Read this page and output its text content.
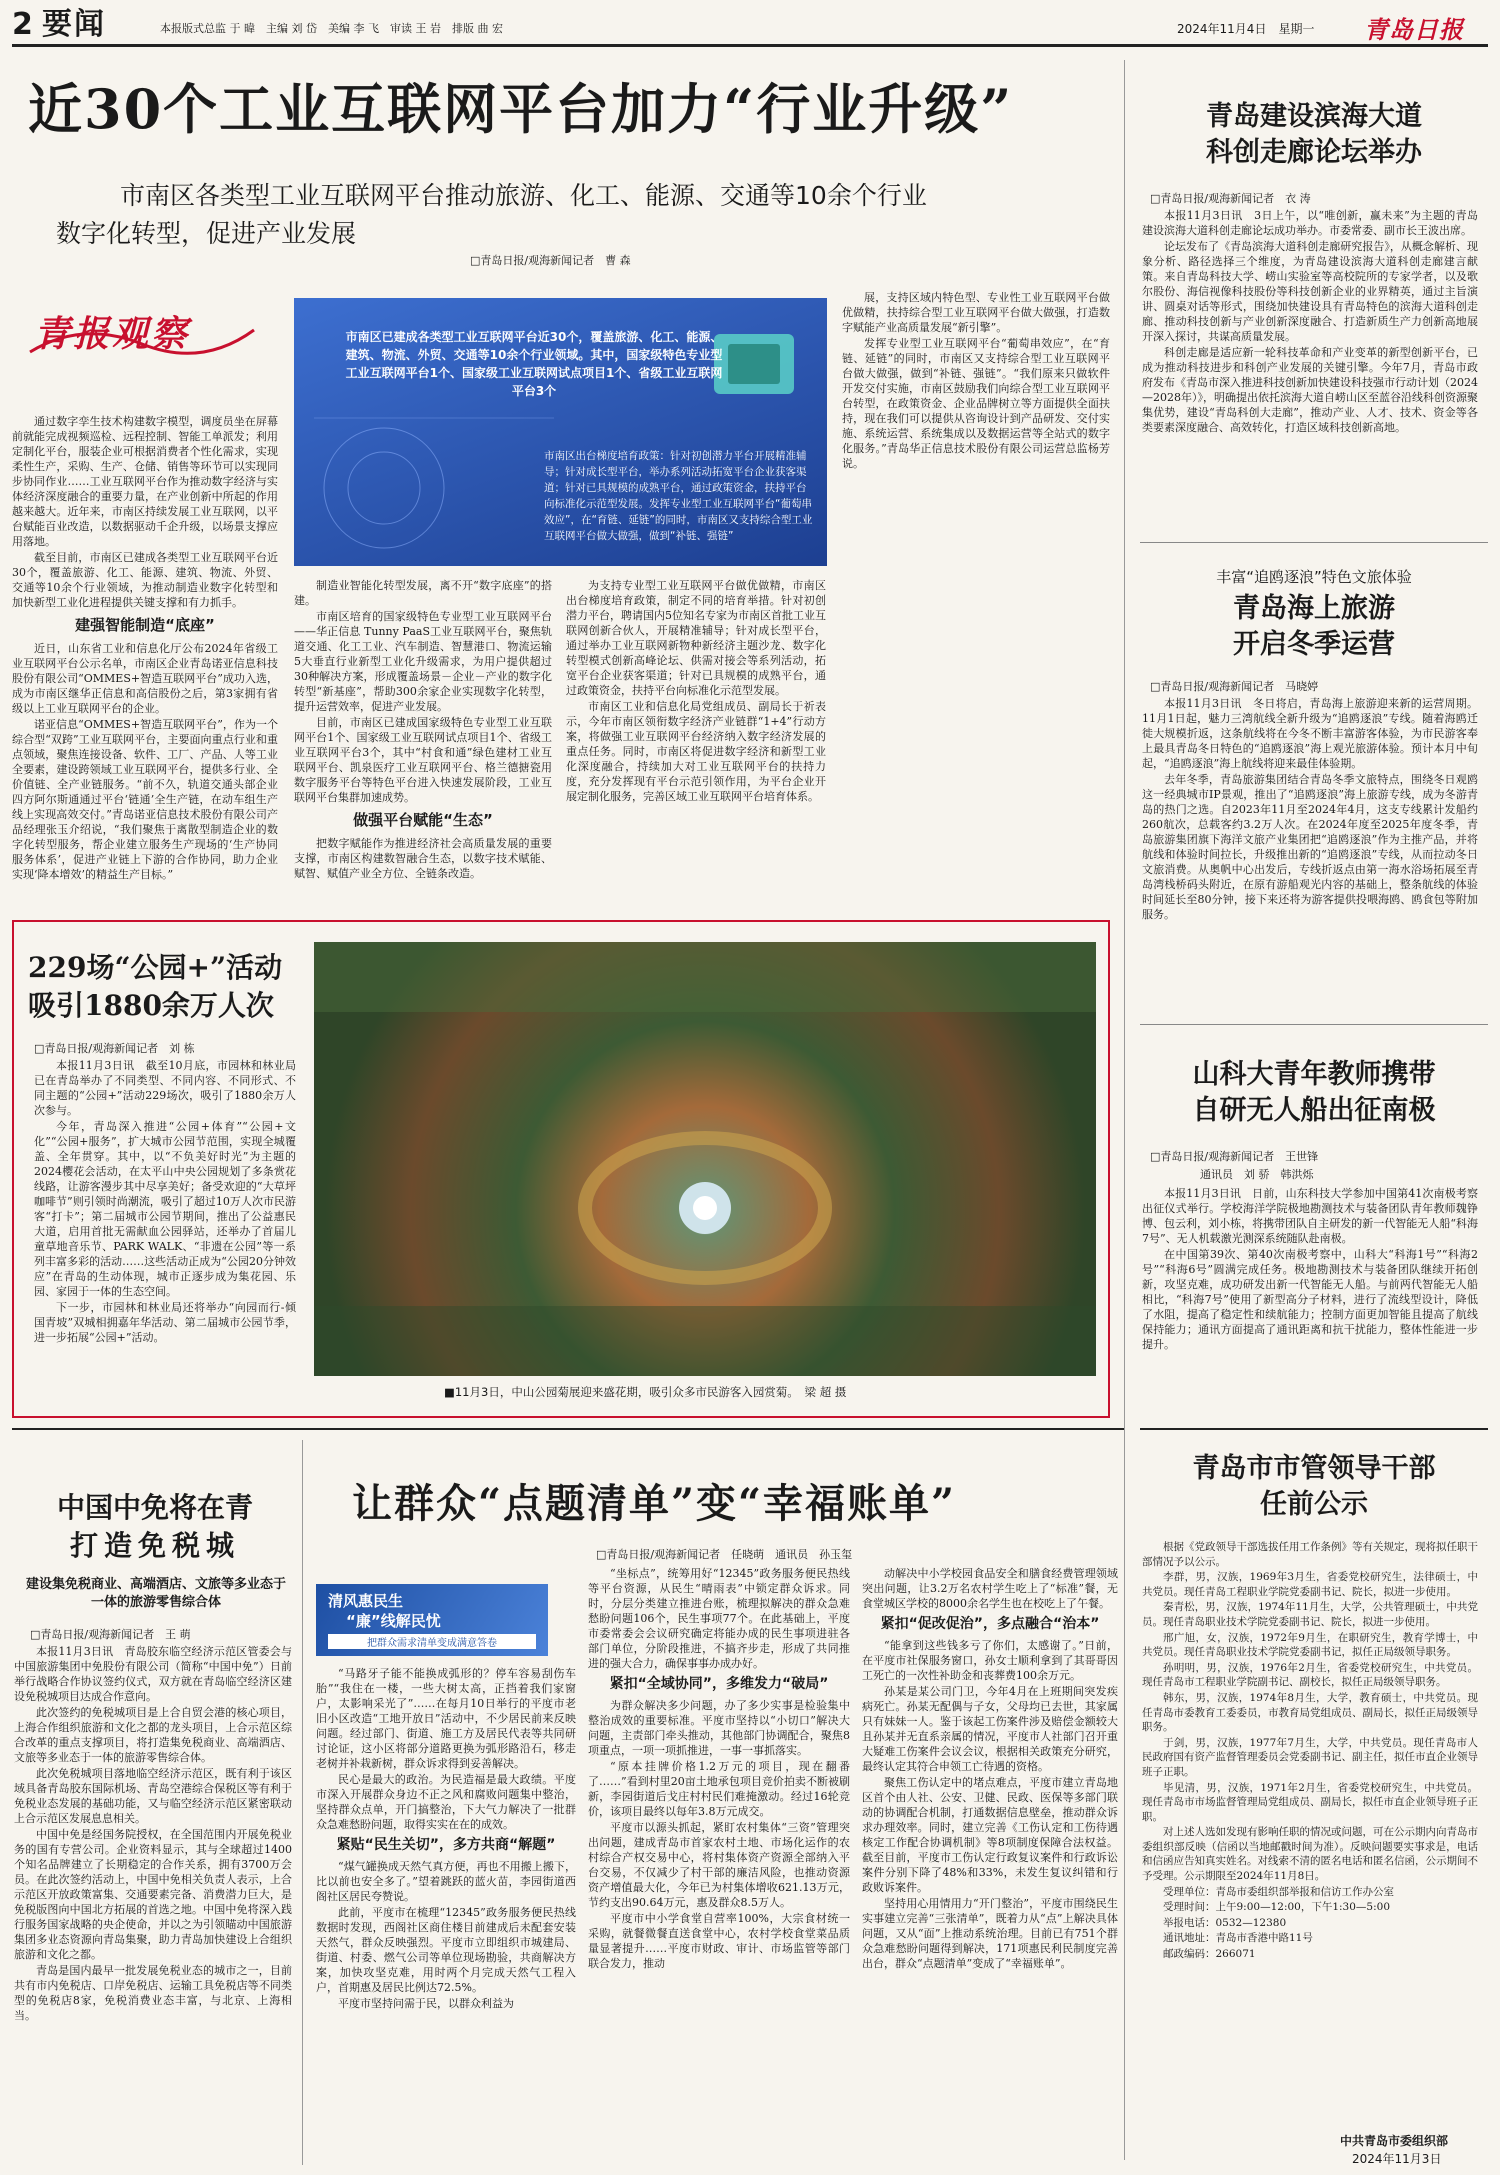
2 要闻	本报版式总监 于 暐　主编 刘 岱　美编 李 飞　审读 王 岩　排版 曲 宏	2024年11月4日　星期一 青岛日报
近30个工业互联网平台加力“行业升级”
市南区各类型工业互联网平台推动旅游、化工、能源、交通等10余个行业
数字化转型，促进产业发展
□青岛日报/观海新闻记者　曹 森
青报观察	市南区已建成各类型工业互联网平台近30个，覆盖旅游、化工、能源、建筑、物流、外贸、交通等10余个行业领域。其中，国家级特色专业型工业互联网平台1个、国家级工业互联网试点项目1个、省级工业互联网平台3个
市南区出台梯度培育政策：针对初创潜力平台开展精准辅导；针对成长型平台，举办系列活动拓宽平台企业获客渠道；针对已具规模的成熟平台，通过政策资金，扶持平台向标准化示范型发展。发挥专业型工业互联网平台“葡萄串效应”，在“育链、延链”的同时，市南区又支持综合型工业互联网平台做大做强，做到“补链、强链”

通过数字孪生技术构建数字模型，调度员坐在屏幕前就能完成视频巡检、远程控制、智能工单派发；利用定制化平台，服装企业可根据消费者个性化需求，实现柔性生产，采购、生产、仓储、销售等环节可以实现同步协同作业……工业互联网平台作为推动数字经济与实体经济深度融合的重要力量，在产业创新中所起的作用越来越大。近年来，市南区持续发展工业互联网，以平台赋能百业改造，以数据驱动千企升级，以场景支撑应用落地。

截至目前，市南区已建成各类型工业互联网平台近30个，覆盖旅游、化工、能源、建筑、物流、外贸、交通等10余个行业领域，为推动制造业数字化转型和加快新型工业化进程提供关键支撑和有力抓手。

建强智能制造“底座”

近日，山东省工业和信息化厅公布2024年省级工业互联网平台公示名单，市南区企业青岛诺亚信息科技股份有限公司“OMMES+智造互联网平台”成功入选，成为市南区继华正信息和高信股份之后，第3家拥有省级以上工业互联网平台的企业。

诺亚信息“OMMES+智造互联网平台”，作为一个综合型“双跨”工业互联网平台，主要面向重点行业和重点领域，聚焦连接设备、软件、工厂、产品、人等工业全要素，建设跨领域工业互联网平台，提供多行业、全价值链、全产业链服务。“前不久，轨道交通头部企业四方阿尔斯通通过平台‘链通’全生产链，在动车组生产线上实现高效交付。”青岛诺亚信息技术股份有限公司产品经理张玉介绍说，“我们聚焦于离散型制造企业的数字化转型服务，帮企业建立服务生产现场的‘生产协同服务体系’，促进产业链上下游的合作协同，助力企业实现‘降本增效’的精益生产目标。”

制造业智能化转型发展，离不开“数字底座”的搭建。

市南区培育的国家级特色专业型工业互联网平台——华正信息 Tunny PaaS工业互联网平台，聚焦轨道交通、化工工业、汽车制造、智慧港口、物流运输5大垂直行业新型工业化升级需求，为用户提供超过30种解决方案，形成覆盖场景－企业－产业的数字化转型“新基座”，帮助300余家企业实现数字化转型，提升运营效率，促进产业发展。

目前，市南区已建成国家级特色专业型工业互联网平台1个、国家级工业互联网试点项目1个、省级工业互联网平台3个，其中“村食和通”绿色建材工业互联网平台、凯泉医疗工业互联网平台、格兰德搪瓷用数字服务平台等特色平台进入快速发展阶段，工业互联网平台集群加速成势。

做强平台赋能“生态”

把数字赋能作为推进经济社会高质量发展的重要支撑，市南区构建数智融合生态，以数字技术赋能、赋智、赋值产业全方位、全链条改造。

为支持专业型工业互联网平台做优做精，市南区出台梯度培育政策，制定不同的培育举措。针对初创潜力平台，聘请国内5位知名专家为市南区首批工业互联网创新合伙人，开展精准辅导；针对成长型平台，通过举办工业互联网新物种新经济主题沙龙、数字化转型模式创新高峰论坛、供需对接会等系列活动，拓宽平台企业获客渠道；针对已具规模的成熟平台，通过政策资金，扶持平台向标准化示范型发展。

市南区工业和信息化局党组成员、副局长于祈表示，今年市南区领衔数字经济产业链群“1+4”行动方案，将做强工业互联网平台经济纳入数字经济发展的重点任务。同时，市南区将促进数字经济和新型工业化深度融合，持续加大对工业互联网平台的扶持力度，充分发挥现有平台示范引领作用，为平台企业开展定制化服务，完善区域工业互联网平台培育体系。

展，支持区域内特色型、专业性工业互联网平台做优做精，扶持综合型工业互联网平台做大做强，打造数字赋能产业高质量发展“新引擎”。

发挥专业型工业互联网平台“葡萄串效应”，在“育链、延链”的同时，市南区又支持综合型工业互联网平台做大做强，做到“补链、强链”。“我们原来只做软件开发交付实施，市南区鼓励我们向综合型工业互联网平台转型，在政策资金、企业品牌树立等方面提供全面扶持，现在我们可以提供从咨询设计到产品研发、交付实施、系统运营、系统集成以及数据运营等全站式的数字化服务。”青岛华正信息技术股份有限公司运营总监杨芳说。

青岛建设滨海大道
科创走廊论坛举办
□青岛日报/观海新闻记者　衣 涛

本报11月3日讯　3日上午，以“唯创新，赢未来”为主题的青岛建设滨海大道科创走廊论坛成功举办。市委常委、副市长王波出席。

论坛发布了《青岛滨海大道科创走廊研究报告》，从概念解析、现象分析、路径选择三个维度，为青岛建设滨海大道科创走廊建言献策。来自青岛科技大学、崂山实验室等高校院所的专家学者，以及歌尔股份、海信视像科技股份等科技创新企业的业界精英，通过主旨演讲、圆桌对话等形式，围绕加快建设具有青岛特色的滨海大道科创走廊、推动科技创新与产业创新深度融合、打造新质生产力创新高地展开深入探讨，共谋高质量发展。

科创走廊是适应新一轮科技革命和产业变革的新型创新平台，已成为推动科技进步和科创产业发展的关键引擎。今年7月，青岛市政府发布《青岛市深入推进科技创新加快建设科技强市行动计划（2024—2028年）》，明确提出依托滨海大道自崂山区至蓝谷沿线科创资源聚集优势，建设“青岛科创大走廊”，推动产业、人才、技术、资金等各类要素深度融合、高效转化，打造区域科技创新高地。

丰富“追鸥逐浪”特色文旅体验
青岛海上旅游
开启冬季运营
□青岛日报/观海新闻记者　马晓婷

本报11月3日讯　冬日将启，青岛海上旅游迎来新的运营周期。11月1日起，魅力三湾航线全新升级为“追鸥逐浪”专线。随着海鸥迁徙大规模折返，这条航线将在今冬不断丰富游客体验，为市民游客奉上最具青岛冬日特色的“追鸥逐浪”海上观光旅游体验。预计本月中旬起，“追鸥逐浪”海上航线将迎来最佳体验期。

去年冬季，青岛旅游集团结合青岛冬季文旅特点，围绕冬日观鸥这一经典城市IP景观，推出了“追鸥逐浪”海上旅游专线，成为冬游青岛的热门之选。自2023年11月至2024年4月，这支专线累计发船约260航次，总载客约3.2万人次。在2024年度至2025年度冬季，青岛旅游集团旗下海洋文旅产业集团把“追鸥逐浪”作为主推产品，并将航线和体验时间拉长，升级推出新的“追鸥逐浪”专线，从而拉动冬日文旅消费。从奥帆中心出发后，专线折返点由第一海水浴场拓展至青岛湾栈桥码头附近，在原有游船观光内容的基础上，整条航线的体验时间延长至80分钟，接下来还将为游客提供投喂海鸥、鸥食包等附加服务。

山科大青年教师携带
自研无人船出征南极
□青岛日报/观海新闻记者　王世锋
通讯员　刘 骄　韩洪烁

本报11月3日讯　日前，山东科技大学参加中国第41次南极考察出征仪式举行。学校海洋学院极地勘测技术与装备团队青年教师魏铮博、包云利，刘小栋，将携带团队自主研发的新一代智能无人船“科海7号”、无人机载激光测深系统随队赴南极。

在中国第39次、第40次南极考察中，山科大“科海1号”“科海2号”“科海6号”圆满完成任务。极地勘测技术与装备团队继续开拓创新，攻坚克难，成功研发出新一代智能无人船。与前两代智能无人船相比，“科海7号”使用了新型高分子材料，进行了流线型设计，降低了水阻，提高了稳定性和续航能力；控制方面更加智能且提高了航线保持能力；通讯方面提高了通讯距离和抗干扰能力，整体性能进一步提升。

229场“公园+”活动
吸引1880余万人次
□青岛日报/观海新闻记者　刘 栋

本报11月3日讯　截至10月底，市园林和林业局已在青岛举办了不同类型、不同内容、不同形式、不同主题的“公园+”活动229场次，吸引了1880余万人次参与。

今年，青岛深入推进“公园+体育”“公园+文化”“公园+服务”，扩大城市公园节范围，实现全城覆盖、全年贯穿。其中，以“不负美好时光”为主题的2024樱花会活动，在太平山中央公园规划了多条赏花线路，让游客漫步其中尽享美好；备受欢迎的“大草坪咖啡节”则引领时尚潮流，吸引了超过10万人次市民游客“打卡”；第二届城市公园节期间，推出了公益惠民大道，启用首批无需献血公园驿站，还举办了首届儿童草地音乐节、PARK WALK、“非遗在公园”等一系列丰富多彩的活动……这些活动正成为“公园20分钟效应”在青岛的生动体现，城市正逐步成为集花园、乐园、家园于一体的生态空间。

下一步，市园林和林业局还将举办“向园而行-倾国青坡”双城相拥嘉年华活动、第二届城市公园节季，进一步拓展“公园+”活动。

■11月3日，中山公园菊展迎来盛花期，吸引众多市民游客入园赏菊。　梁 超 摄
中国中免将在青
打造免税城
建设集免税商业、高端酒店、文旅等多业态于一体的旅游零售综合体
□青岛日报/观海新闻记者　王 萌

本报11月3日讯　青岛胶东临空经济示范区管委会与中国旅游集团中免股份有限公司（简称“中国中免”）日前举行战略合作协议签约仪式，双方就在青岛临空经济区建设免税城项目达成合作意向。

此次签约的免税城项目是上合自贸会港的核心项目，上海合作组织旅游和文化之都的龙头项目，上合示范区综合改革的重点支撑项目，将打造集免税商业、高端酒店、文旅等多业态于一体的旅游零售综合体。

此次免税城项目落地临空经济示范区，既有利于该区域具备青岛胶东国际机场、青岛空港综合保税区等有利于免税业态发展的基础功能，又与临空经济示范区紧密联动上合示范区发展息息相关。

中国中免是经国务院授权，在全国范围内开展免税业务的国有专营公司。企业资料显示，其与全球超过1400个知名品牌建立了长期稳定的合作关系，拥有3700万会员。在此次签约活动上，中国中免相关负责人表示，上合示范区开放政策富集、交通要素完备、消费潜力巨大，是免税版图向中国北方拓展的首选之地。中国中免将深入践行服务国家战略的央企使命，并以之为引领瞄动中国旅游集团多业态资源向青岛集聚，助力青岛加快建设上合组织旅游和文化之都。

青岛是国内最早一批发展免税业态的城市之一，目前共有市内免税店、口岸免税店、运输工具免税店等不同类型的免税店8家，免税消费业态丰富，与北京、上海相当。

让群众“点题清单”变“幸福账单”
□青岛日报/观海新闻记者　任晓萌　通讯员　孙玉玺
清风惠民生
“廉”线解民忧
把群众需求清单变成满意答卷

“马路牙子能不能换成弧形的？停车容易刮伤车胎”“我住在一楼，一些大树太高，正挡着我们家窗户，太影响采光了”……在每月10日举行的平度市老旧小区改造“工地开放日”活动中，不少居民前来反映问题。经过部门、街道、施工方及居民代表等共同研讨论证，这小区将部分道路更换为弧形路沿石，移走老树并补栽新树，群众诉求得到妥善解决。

民心是最大的政治。为民造福是最大政绩。平度市深入开展群众身边不正之风和腐败问题集中整治，坚持群众点单，开门搞整治，下大气力解决了一批群众急难愁盼问题，取得实实在在的成效。

紧贴“民生关切”，多方共商“解题”

“煤气罐换成天然气真方便，再也不用搬上搬下，比以前也安全多了。”望着跳跃的蓝火苗，李园街道西阁社区居民夸赞说。

此前，平度市在梳理“12345”政务服务便民热线数据时发现，西阁社区商住楼目前建成后未配套安装天然气，群众反映强烈。平度市立即组织市城建局、街道、村委、燃气公司等单位现场勘验，共商解决方案，加快攻坚克难，用时两个月完成天然气工程入户，首期惠及居民比例达72.5%。

平度市坚持问需于民，以群众利益为

“坐标点”，统筹用好“12345”政务服务便民热线等平台资源，从民生“晴雨表”中锁定群众诉求。同时，分层分类建立推进台账，梳理拟解决的群众急难愁盼问题106个，民生事项77个。在此基础上，平度市委常委会会议研究确定将能办成的民生事项进驻各部门单位，分阶段推进，不搞齐步走，形成了共同推进的强大合力，确保事事办成办好。

紧扣“全域协同”，多维发力“破局”

为群众解决多少问题，办了多少实事是检验集中整治成效的重要标准。平度市坚持以“小切口”解决大问题，主责部门牵头推动，其他部门协调配合，聚焦8项重点，一项一项抓推进，一事一事抓落实。

“原本挂牌价格1.2万元的项目，现在翻番了……”看到村里20亩土地承包项目竞价拍卖不断被刷新，李园街道后戈庄村村民们难掩激动。经过16轮竞价，该项目最终以每年3.8万元成交。

平度市以源头抓起，紧盯农村集体“三资”管理突出问题，建成青岛市首家农村土地、市场化运作的农村综合产权交易中心，将村集体资产资源全部纳入平台交易，不仅减少了村干部的廉洁风险，也推动资源资产增值最大化，今年已为村集体增收621.13万元，节约支出90.64万元，惠及群众8.5万人。

平度市中小学食堂自营率100%，大宗食材统一采购，就餐微餐直送食堂中心，农村学校食堂菜品质量显著提升……平度市财政、审计、市场监管等部门联合发力，推动

动解决中小学校园食品安全和膳食经费管理领域突出问题，让3.2万名农村学生吃上了“标准”餐，无食堂城区学校的8000余名学生也在校吃上了午餐。

紧扣“促改促治”，多点融合“治本”

“能拿到这些钱多亏了你们，太感谢了。”日前，在平度市社保服务窗口，孙女士顺利拿到了其哥哥因工死亡的一次性补助金和丧葬费100余万元。

孙某是某公司门卫，今年4月在上班期间突发疾病死亡。孙某无配偶与子女，父母均已去世，其家属只有妹妹一人。鉴于该起工伤案件涉及赔偿金额较大且孙某并无直系亲属的情况，平度市人社部门召开重大疑难工伤案件会议会议，根据相关政策充分研究，最终认定其符合申领工亡待遇的资格。

聚焦工伤认定中的堵点难点，平度市建立青岛地区首个由人社、公安、卫健、民政、医保等多部门联动的协调配合机制，打通数据信息壁垒，推动群众诉求办理效率。同时，建立完善《工伤认定和工伤待遇核定工作配合协调机制》等8项制度保障合法权益。截至目前，平度市工伤认定行政复议案件和行政诉讼案件分别下降了48%和33%，未发生复议纠错和行政败诉案件。

坚持用心用情用力“开门整治”，平度市围绕民生实事建立完善“三张清单”，既着力从“点”上解决具体问题，又从“面”上推动系统治理。目前已有751个群众急难愁盼问题得到解决，171项惠民利民制度完善出台，群众“点题清单”变成了“幸福账单”。

青岛市市管领导干部
任前公示

根据《党政领导干部选拔任用工作条例》等有关规定，现将拟任职干部情况予以公示。

李群，男，汉族，1969年3月生，省委党校研究生，法律硕士，中共党员。现任青岛工程职业学院党委副书记、院长，拟进一步使用。

秦青松，男，汉族，1974年11月生，大学，公共管理硕士，中共党员。现任青岛职业技术学院党委副书记、院长，拟进一步使用。

邢广旭，女，汉族，1972年9月生，在职研究生，教育学博士，中共党员。现任青岛职业技术学院党委副书记，拟任正局级领导职务。

孙明明，男，汉族，1976年2月生，省委党校研究生，中共党员。现任青岛市工程职业学院副书记、副校长，拟任正局级领导职务。

韩东，男，汉族，1974年8月生，大学，教育硕士，中共党员。现任青岛市委教育工委委员，市教育局党组成员、副局长，拟任正局级领导职务。

于剑，男，汉族，1977年7月生，大学，中共党员。现任青岛市人民政府国有资产监督管理委员会党委副书记、副主任，拟任市直企业领导班子正职。

毕见清，男，汉族，1971年2月生，省委党校研究生，中共党员。现任青岛市市场监督管理局党组成员、副局长，拟任市直企业领导班子正职。

对上述人选如发现有影响任职的情况或问题，可在公示期内向青岛市委组织部反映（信函以当地邮戳时间为准）。反映问题要实事求是，电话和信函应告知真实姓名。对线索不清的匿名电话和匿名信函，公示期间不予受理。公示期限至2024年11月8日。

受理单位：青岛市委组织部举报和信访工作办公室

受理时间：上午9:00—12:00，下午1:30—5:00

举报电话：0532—12380

通讯地址：青岛市香港中路11号

邮政编码：266071

中共青岛市委组织部
2024年11月3日
